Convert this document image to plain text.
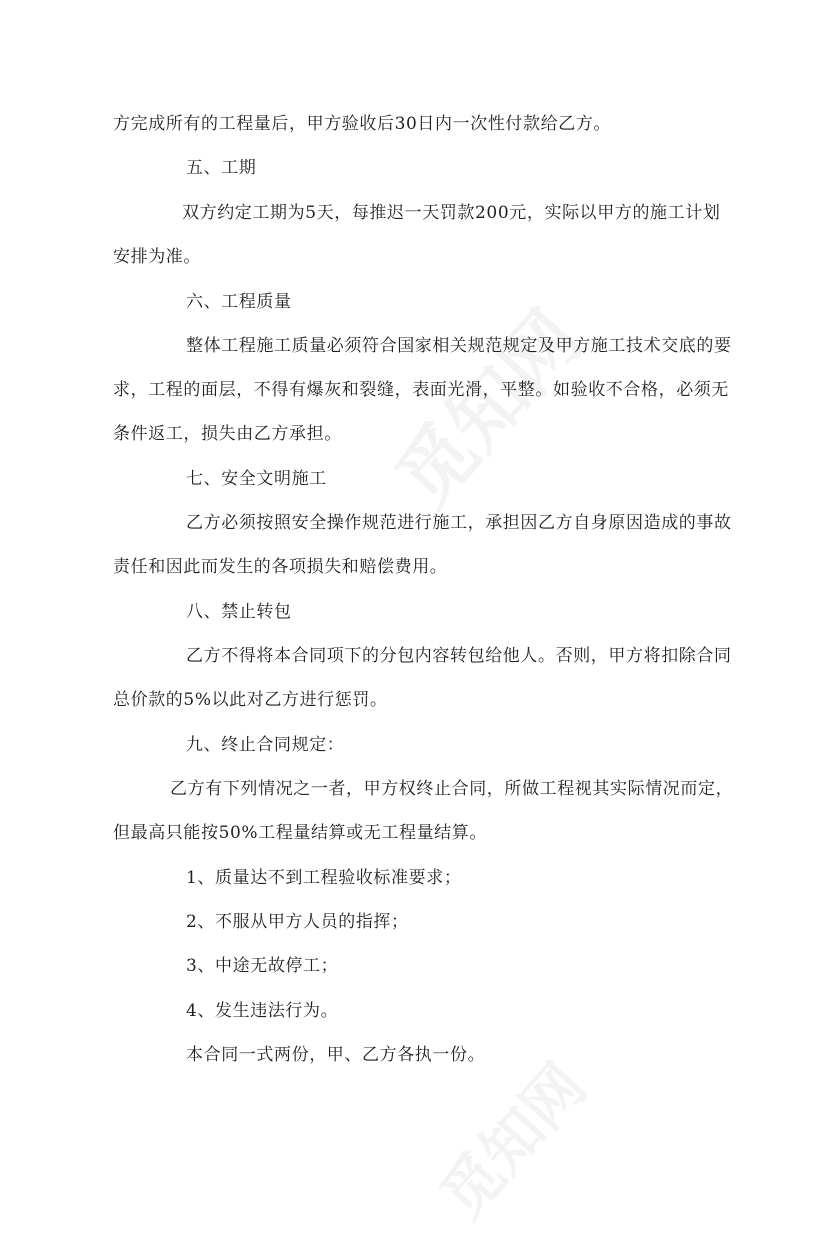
方完成所有的工程量后，甲方验收后30日内一次性付款给乙方。
五、工期
双方约定工期为5天，每推迟一天罚款200元，实际以甲方的施工计划
安排为准。
六、工程质量
整体工程施工质量必须符合国家相关规范规定及甲方施工技术交底的要
求，工程的面层，不得有爆灰和裂缝，表面光滑，平整。如验收不合格，必须无
条件返工，损失由乙方承担。
七、安全文明施工
乙方必须按照安全操作规范进行施工，承担因乙方自身原因造成的事故
责任和因此而发生的各项损失和赔偿费用。
八、禁止转包
乙方不得将本合同项下的分包内容转包给他人。否则，甲方将扣除合同
总价款的5%以此对乙方进行惩罚。
九、终止合同规定：
乙方有下列情况之一者，甲方权终止合同，所做工程视其实际情况而定，
但最高只能按50%工程量结算或无工程量结算。
1、质量达不到工程验收标准要求；
2、不服从甲方人员的指挥；
3、中途无故停工；
4、发生违法行为。
本合同一式两份，甲、乙方各执一份。
